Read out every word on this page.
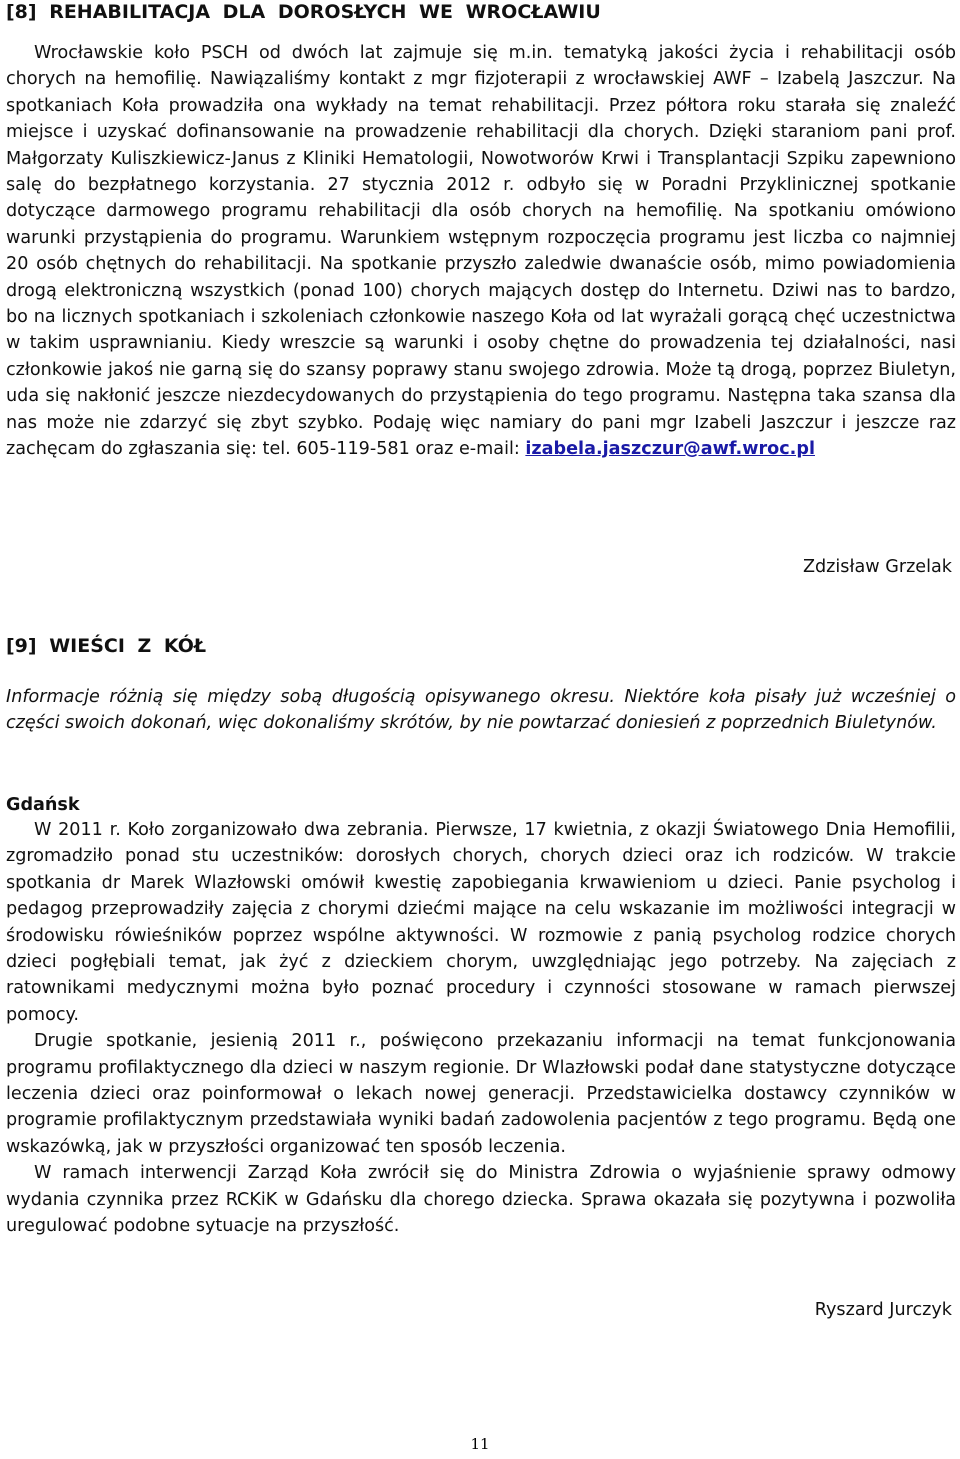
[8] REHABILITACJA DLA DOROSŁYCH WE WROCŁAWIU

Wrocławskie koło PSCH od dwóch lat zajmuje się m.in. tematyką jakości życia i rehabilitacji osób chorych na hemofilię. Nawiązaliśmy kontakt z mgr fizjoterapii z wrocławskiej AWF – Izabelą Jaszczur. Na spotkaniach Koła prowadziła ona wykłady na temat rehabilitacji. Przez półtora roku starała się znaleźć miejsce i uzyskać dofinansowanie na prowadzenie rehabilitacji dla chorych. Dzięki staraniom pani prof. Małgorzaty Kuliszkiewicz-Janus z Kliniki Hematologii, Nowotworów Krwi i Transplantacji Szpiku zapewniono salę do bezpłatnego korzystania. 27 stycznia 2012 r. odbyło się w Poradni Przyklinicznej spotkanie dotyczące darmowego programu rehabilitacji dla osób chorych na hemofilię. Na spotkaniu omówiono warunki przystąpienia do programu. Warunkiem wstępnym rozpoczęcia programu jest liczba co najmniej 20 osób chętnych do rehabilitacji. Na spotkanie przyszło zaledwie dwanaście osób, mimo powiadomienia drogą elektroniczną wszystkich (ponad 100) chorych mających dostęp do Internetu. Dziwi nas to bardzo, bo na licznych spotkaniach i szkoleniach członkowie naszego Koła od lat wyrażali gorącą chęć uczestnictwa w takim usprawnianiu. Kiedy wreszcie są warunki i osoby chętne do prowadzenia tej działalności, nasi członkowie jakoś nie garną się do szansy poprawy stanu swojego zdrowia. Może tą drogą, poprzez Biuletyn, uda się nakłonić jeszcze niezdecydowanych do przystąpienia do tego programu. Następna taka szansa dla nas może nie zdarzyć się zbyt szybko. Podaję więc namiary do pani mgr Izabeli Jaszczur i jeszcze raz zachęcam do zgłaszania się: tel. 605-119-581 oraz e-mail: izabela.jaszczur@awf.wroc.pl

Zdzisław Grzelak

[9] WIEŚCI Z KÓŁ

Informacje różnią się między sobą długością opisywanego okresu. Niektóre koła pisały już wcześniej o części swoich dokonań, więc dokonaliśmy skrótów, by nie powtarzać doniesień z poprzednich Biuletynów.

Gdańsk

W 2011 r. Koło zorganizowało dwa zebrania. Pierwsze, 17 kwietnia, z okazji Światowego Dnia Hemofilii, zgromadziło ponad stu uczestników: dorosłych chorych, chorych dzieci oraz ich rodziców. W trakcie spotkania dr Marek Wlazłowski omówił kwestię zapobiegania krwawieniom u dzieci. Panie psycholog i pedagog przeprowadziły zajęcia z chorymi dziećmi mające na celu wskazanie im możliwości integracji w środowisku rówieśników poprzez wspólne aktywności. W rozmowie z panią psycholog rodzice chorych dzieci pogłębiali temat, jak żyć z dzieckiem chorym, uwzględniając jego potrzeby. Na zajęciach z ratownikami medycznymi można było poznać procedury i czynności stosowane w ramach pierwszej pomocy.

Drugie spotkanie, jesienią 2011 r., poświęcono przekazaniu informacji na temat funkcjonowania programu profilaktycznego dla dzieci w naszym regionie. Dr Wlazłowski podał dane statystyczne dotyczące leczenia dzieci oraz poinformował o lekach nowej generacji. Przedstawicielka dostawcy czynników w programie profilaktycznym przedstawiała wyniki badań zadowolenia pacjentów z tego programu. Będą one wskazówką, jak w przyszłości organizować ten sposób leczenia.

W ramach interwencji Zarząd Koła zwrócił się do Ministra Zdrowia o wyjaśnienie sprawy odmowy wydania czynnika przez RCKiK w Gdańsku dla chorego dziecka. Sprawa okazała się pozytywna i pozwoliła uregulować podobne sytuacje na przyszłość.

Ryszard Jurczyk

11
